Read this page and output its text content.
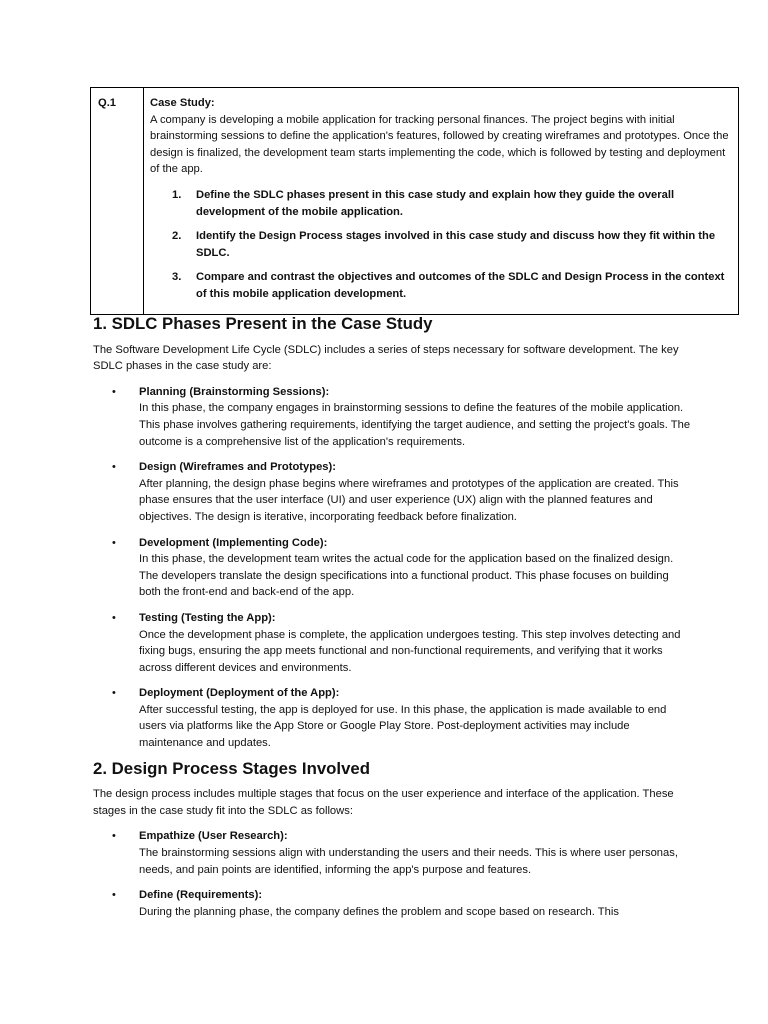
Q.1	Case Study:

A company is developing a mobile application for tracking personal finances. The project begins with initial brainstorming sessions to define the application's features, followed by creating wireframes and prototypes. Once the design is finalized, the development team starts implementing the code, which is followed by testing and deployment of the app.

1. Define the SDLC phases present in this case study and explain how they guide the overall development of the mobile application.
2. Identify the Design Process stages involved in this case study and discuss how they fit within the SDLC.
3. Compare and contrast the objectives and outcomes of the SDLC and Design Process in the context of this mobile application development.
1. SDLC Phases Present in the Case Study

The Software Development Life Cycle (SDLC) includes a series of steps necessary for software development. The key SDLC phases in the case study are:

• Planning (Brainstorming Sessions):
In this phase, the company engages in brainstorming sessions to define the features of the mobile application. This phase involves gathering requirements, identifying the target audience, and setting the project's goals. The outcome is a comprehensive list of the application's requirements.
• Design (Wireframes and Prototypes):
After planning, the design phase begins where wireframes and prototypes of the application are created. This phase ensures that the user interface (UI) and user experience (UX) align with the planned features and objectives. The design is iterative, incorporating feedback before finalization.
• Development (Implementing Code):
In this phase, the development team writes the actual code for the application based on the finalized design. The developers translate the design specifications into a functional product. This phase focuses on building both the front-end and back-end of the app.
• Testing (Testing the App):
Once the development phase is complete, the application undergoes testing. This step involves detecting and fixing bugs, ensuring the app meets functional and non-functional requirements, and verifying that it works across different devices and environments.
• Deployment (Deployment of the App):
After successful testing, the app is deployed for use. In this phase, the application is made available to end users via platforms like the App Store or Google Play Store. Post-deployment activities may include maintenance and updates.
2. Design Process Stages Involved

The design process includes multiple stages that focus on the user experience and interface of the application. These stages in the case study fit into the SDLC as follows:

• Empathize (User Research):
The brainstorming sessions align with understanding the users and their needs. This is where user personas, needs, and pain points are identified, informing the app's purpose and features.
• Define (Requirements):
During the planning phase, the company defines the problem and scope based on research. This
